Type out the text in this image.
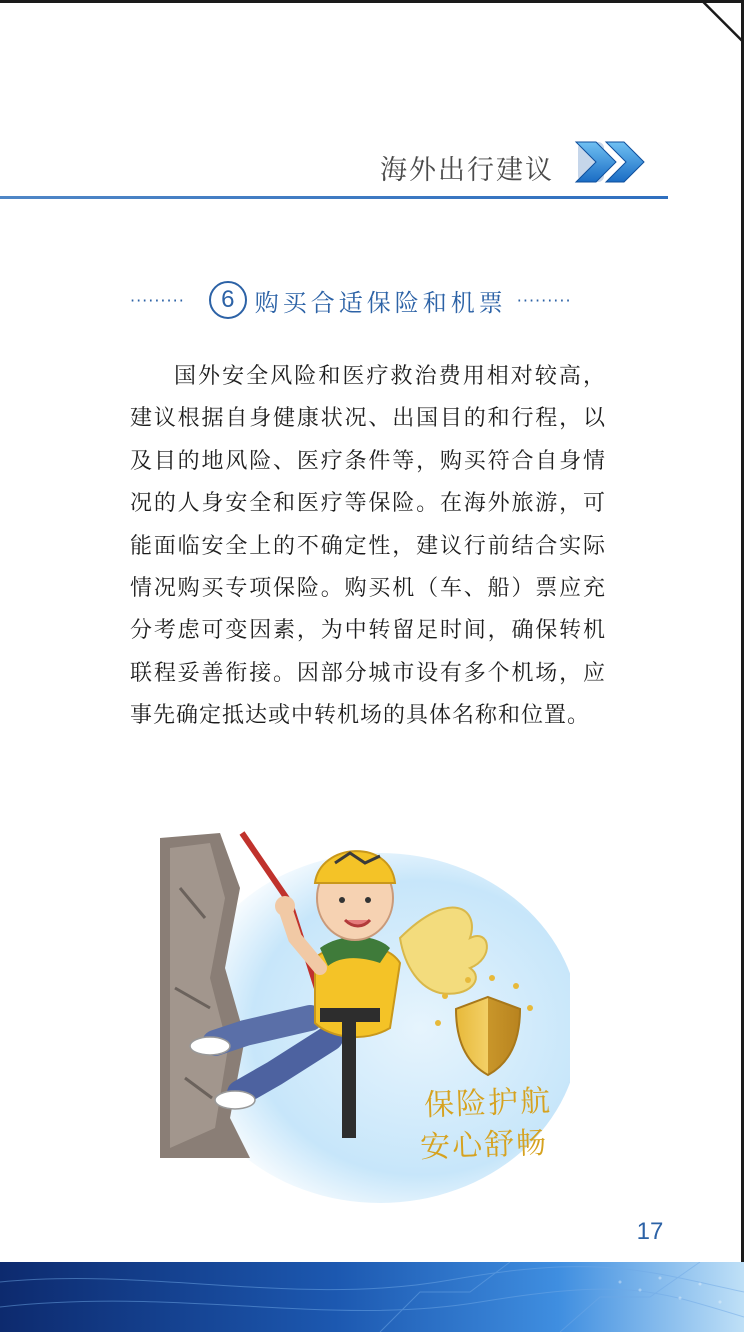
海外出行建议
·········	6 购买合适保险和机票 ·········

国外安全风险和医疗救治费用相对较高，建议根据自身健康状况、出国目的和行程，以及目的地风险、医疗条件等，购买符合自身情况的人身安全和医疗等保险。在海外旅游，可能面临安全上的不确定性，建议行前结合实际情况购买专项保险。购买机（车、船）票应充分考虑可变因素，为中转留足时间，确保转机联程妥善衔接。因部分城市设有多个机场，应事先确定抵达或中转机场的具体名称和位置。

保险护航
安心舒畅
17
